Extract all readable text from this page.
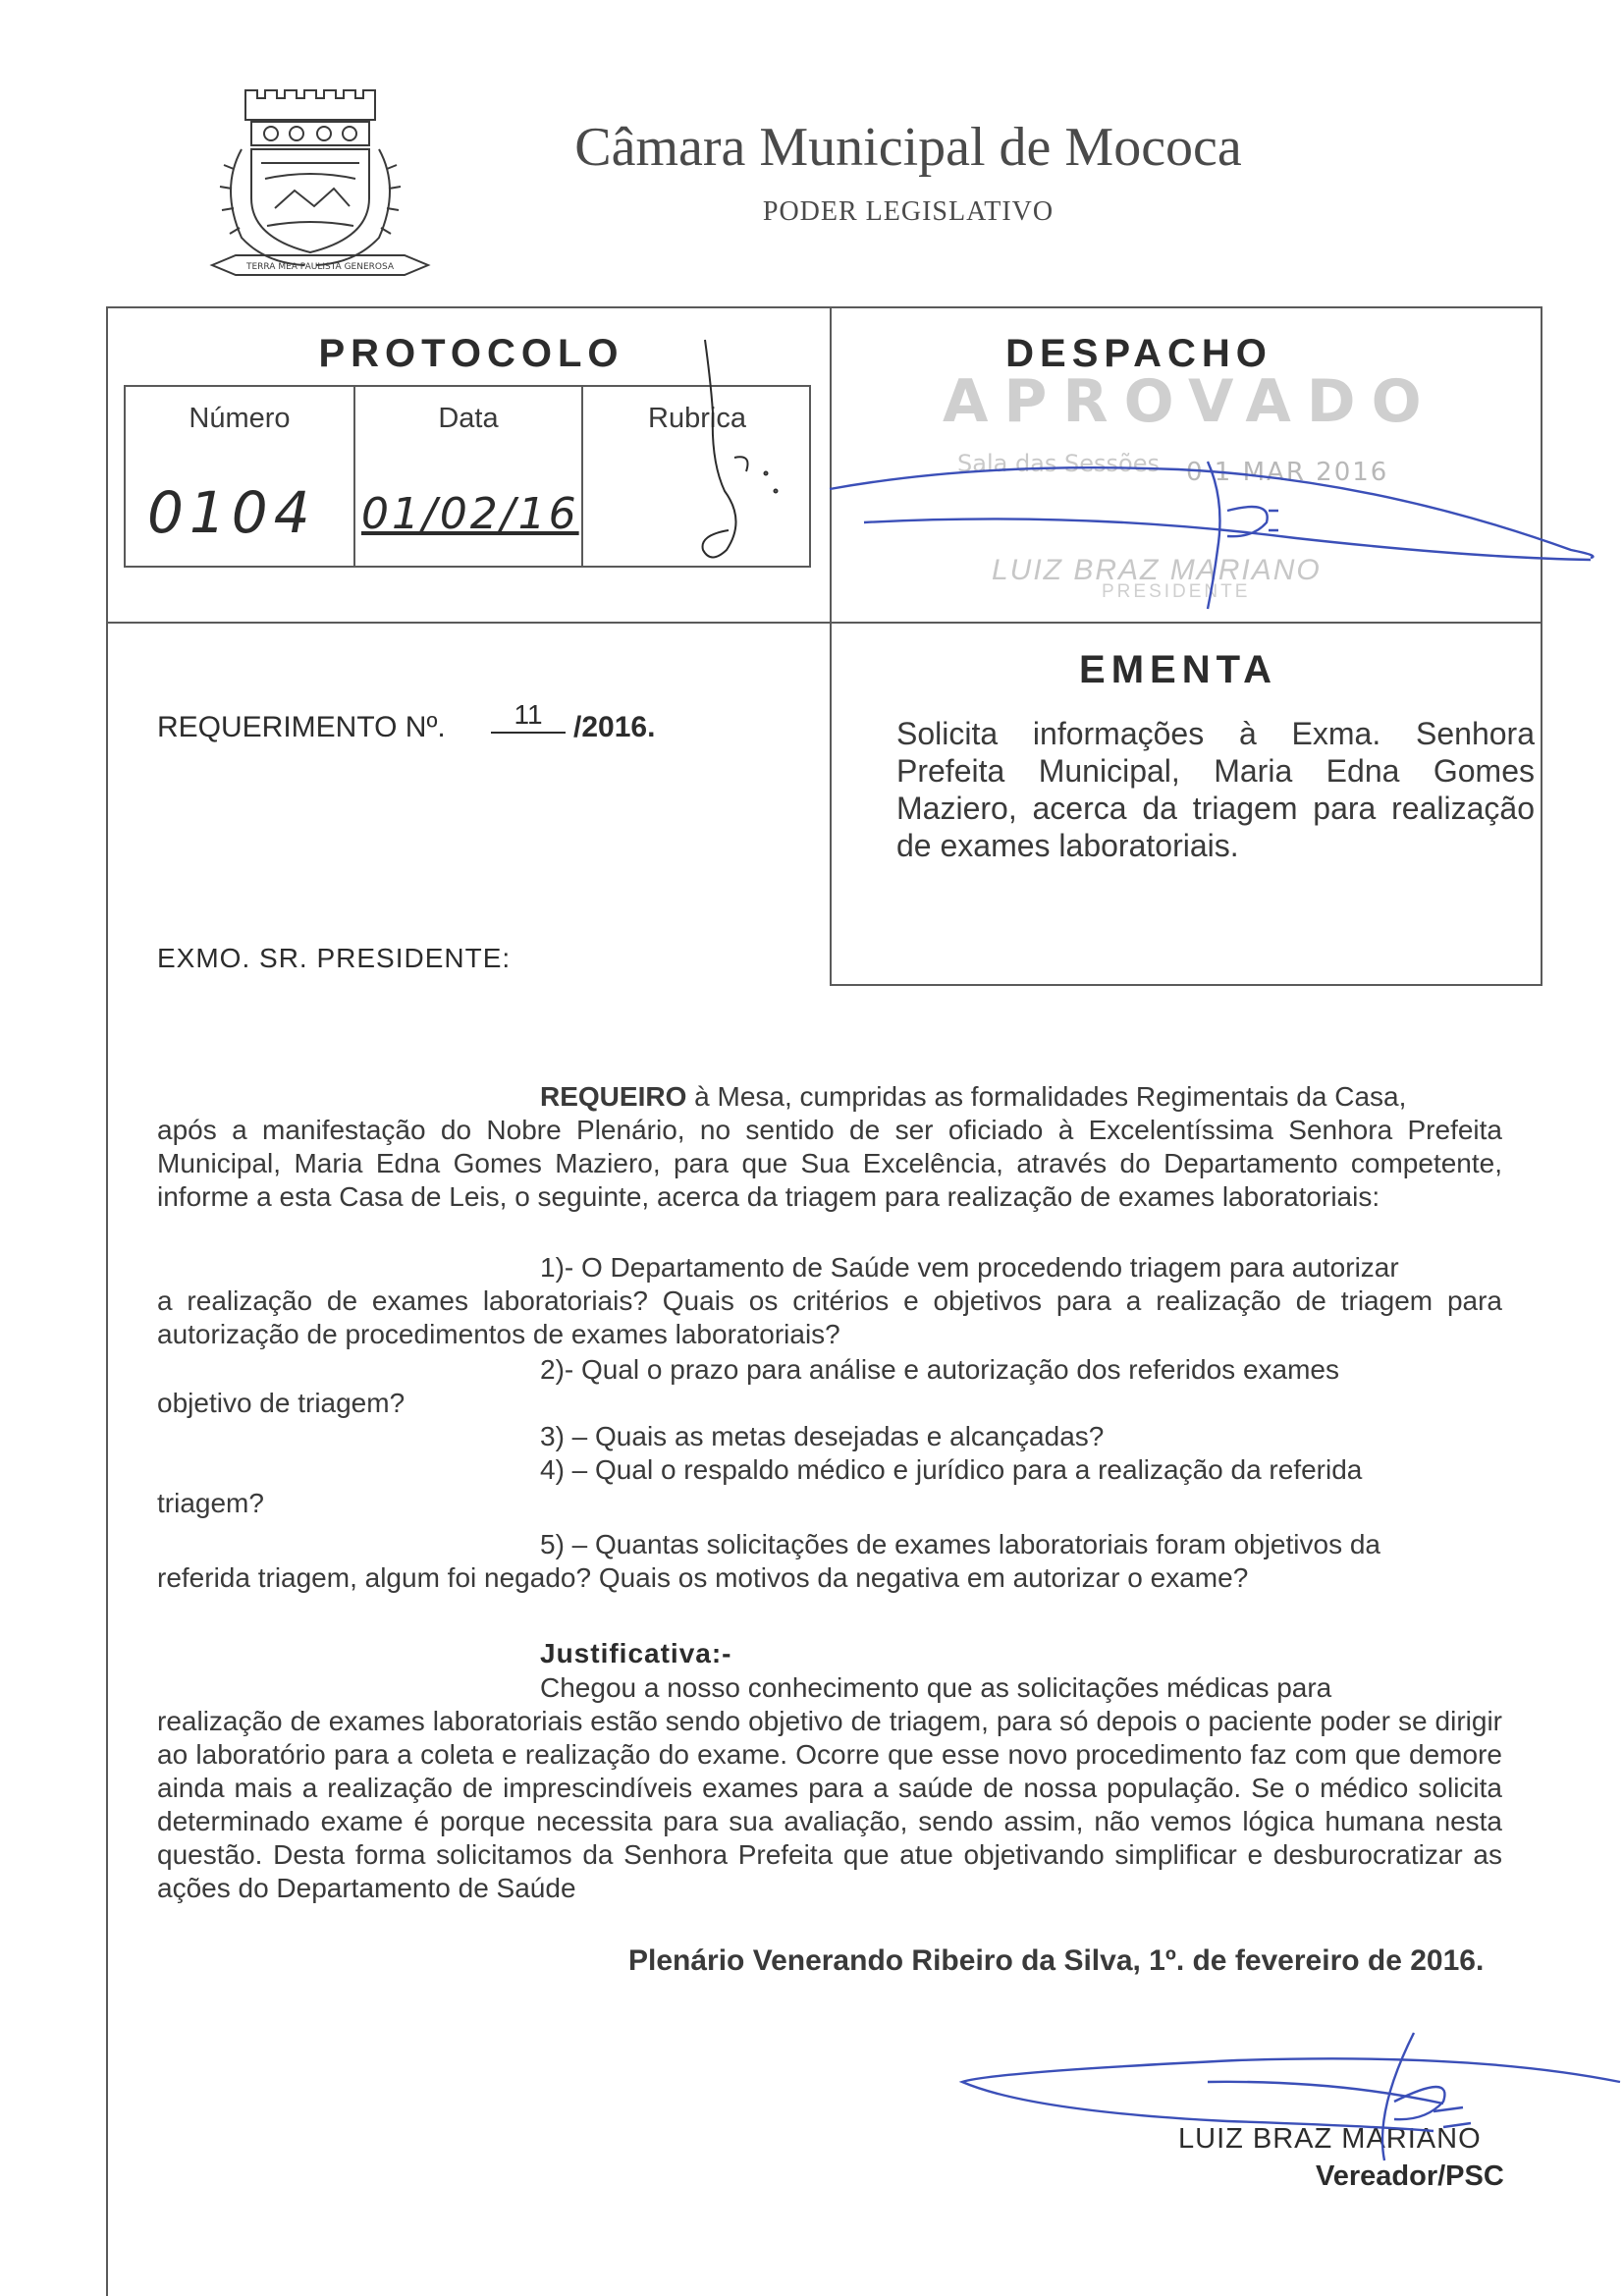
TERRA MEA PAULISTA GENEROSA
Câmara Municipal de Mococa
PODER LEGISLATIVO
PROTOCOLO
Número	Data	Rubrica
0104 01/02/16
DESPACHO
APROVADO
Sala das Sessões 0 1 MAR 2016
LUIZ BRAZ MARIANO
PRESIDENTE
REQUERIMENTO Nº.	11	/2016.
EMENTA
Solicita informações à Exma. Senhora Prefeita Municipal, Maria Edna Gomes Maziero, acerca da triagem para realização de exames laboratoriais.
EXMO. SR. PRESIDENTE:
REQUEIRO à Mesa, cumpridas as formalidades Regimentais da Casa,
após a manifestação do Nobre Plenário, no sentido de ser oficiado à Excelentíssima Senhora Prefeita Municipal, Maria Edna Gomes Maziero, para que Sua Excelência, através do Departamento competente, informe a esta Casa de Leis, o seguinte, acerca da triagem para realização de exames laboratoriais:
1)- O Departamento de Saúde vem procedendo triagem para autorizar
a realização de exames laboratoriais? Quais os critérios e objetivos para a realização de triagem para autorização de procedimentos de exames laboratoriais?
2)- Qual o prazo para análise e autorização dos referidos exames
objetivo de triagem?
3) – Quais as metas desejadas e alcançadas?
4) – Qual o respaldo médico e jurídico para a realização da referida
triagem?
5) – Quantas solicitações de exames laboratoriais foram objetivos da
referida triagem, algum foi negado? Quais os motivos da negativa em autorizar o exame?
Justificativa:-
Chegou a nosso conhecimento que as solicitações médicas para
realização de exames laboratoriais estão sendo objetivo de triagem, para só depois o paciente poder se dirigir ao laboratório para a coleta e realização do exame. Ocorre que esse novo procedimento faz com que demore ainda mais a realização de imprescindíveis exames para a saúde de nossa população. Se o médico solicita determinado exame é porque necessita para sua avaliação, sendo assim, não vemos lógica humana nesta questão. Desta forma solicitamos da Senhora Prefeita que atue objetivando simplificar e desburocratizar as ações do Departamento de Saúde
Plenário Venerando Ribeiro da Silva, 1º. de fevereiro de 2016.
LUIZ BRAZ MARIANO
Vereador/PSC
